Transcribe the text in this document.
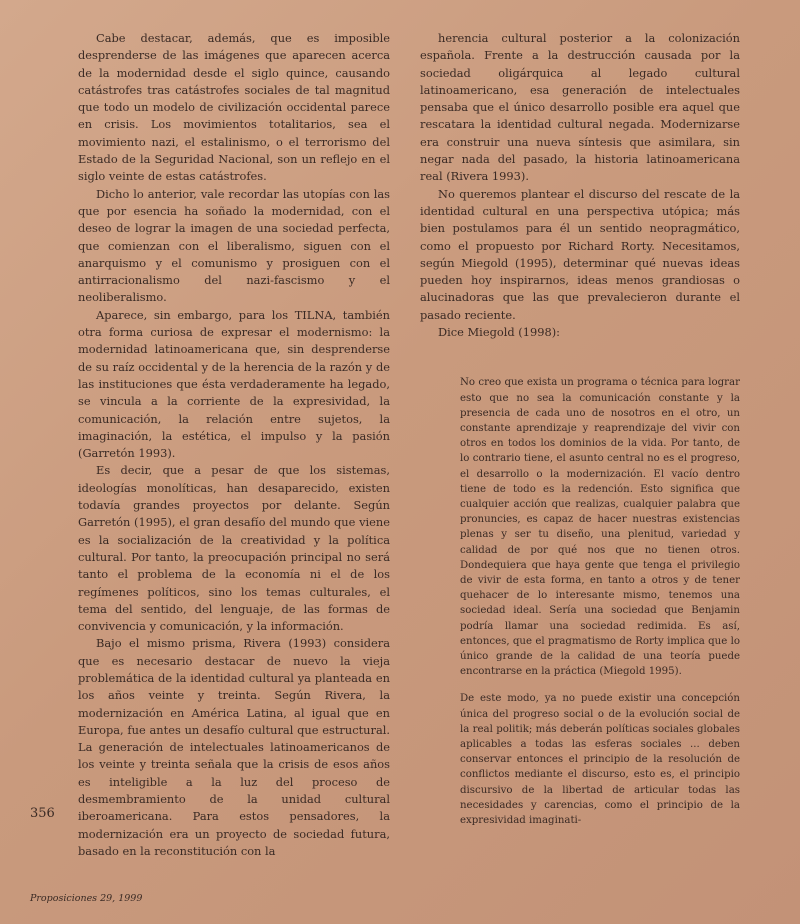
Cabe destacar, además, que es imposible desprenderse de las imágenes que aparecen acerca de la modernidad desde el siglo quince, causando catástrofes tras catástrofes sociales de tal magnitud que todo un modelo de civilización occidental parece en crisis. Los movimientos totalitarios, sea el movimiento nazi, el estalinismo, o el terrorismo del Estado de la Seguridad Nacional, son un reflejo en el siglo veinte de estas catástrofes.

Dicho lo anterior, vale recordar las utopías con las que por esencia ha soñado la modernidad, con el deseo de lograr la imagen de una sociedad perfecta, que comienzan con el liberalismo, siguen con el anarquismo y el comunismo y prosiguen con el antirracionalismo del nazi-fascismo y el neoliberalismo.

Aparece, sin embargo, para los TILNA, también otra forma curiosa de expresar el modernismo: la modernidad latinoamericana que, sin desprenderse de su raíz occidental y de la herencia de la razón y de las instituciones que ésta verdaderamente ha legado, se vincula a la corriente de la expresividad, la comunicación, la relación entre sujetos, la imaginación, la estética, el impulso y la pasión (Garretón 1993).

Es decir, que a pesar de que los sistemas, ideologías monolíticas, han desaparecido, existen todavía grandes proyectos por delante. Según Garretón (1995), el gran desafío del mundo que viene es la socialización de la creatividad y la política cultural. Por tanto, la preocupación principal no será tanto el problema de la economía ni el de los regímenes políticos, sino los temas culturales, el tema del sentido, del lenguaje, de las formas de convivencia y comunicación, y la información.

Bajo el mismo prisma, Rivera (1993) considera que es necesario destacar de nuevo la vieja problemática de la identidad cultural ya planteada en los años veinte y treinta. Según Rivera, la modernización en América Latina, al igual que en Europa, fue antes un desafío cultural que estructural. La generación de intelectuales latinoamericanos de los veinte y treinta señala que la crisis de esos años es inteligible a la luz del proceso de desmembramiento de la unidad cultural iberoamericana. Para estos pensadores, la modernización era un proyecto de sociedad futura, basado en la reconstitución con la

herencia cultural posterior a la colonización española. Frente a la destrucción causada por la sociedad oligárquica al legado cultural latinoamericano, esa generación de intelectuales pensaba que el único desarrollo posible era aquel que rescatara la identidad cultural negada. Modernizarse era construir una nueva síntesis que asimilara, sin negar nada del pasado, la historia latinoamericana real (Rivera 1993).

No queremos plantear el discurso del rescate de la identidad cultural en una perspectiva utópica; más bien postulamos para él un sentido neopragmático, como el propuesto por Richard Rorty. Necesitamos, según Miegold (1995), determinar qué nuevas ideas pueden hoy inspirarnos, ideas menos grandiosas o alucinadoras que las que prevalecieron durante el pasado reciente.

Dice Miegold (1998):

No creo que exista un programa o técnica para lograr esto que no sea la comunicación constante y la presencia de cada uno de nosotros en el otro, un constante aprendizaje y reaprendizaje del vivir con otros en todos los dominios de la vida. Por tanto, de lo contrario tiene, el asunto central no es el progreso, el desarrollo o la modernización. El vacío dentro tiene de todo es la redención. Esto significa que cualquier acción que realizas, cualquier palabra que pronuncies, es capaz de hacer nuestras existencias plenas y ser tu diseño, una plenitud, variedad y calidad de por qué nos que no tienen otros. Dondequiera que haya gente que tenga el privilegio de vivir de esta forma, en tanto a otros y de tener quehacer de lo interesante mismo, tenemos una sociedad ideal. Sería una sociedad que Benjamin podría llamar una sociedad redimida. Es así, entonces, que el pragmatismo de Rorty implica que lo único grande de la calidad de una teoría puede encontrarse en la práctica (Miegold 1995).

De este modo, ya no puede existir una concepción única del progreso social o de la evolución social de la real politik; más deberán políticas sociales globales aplicables a todas las esferas sociales ... deben conservar entonces el principio de la resolución de conflictos mediante el discurso, esto es, el principio discursivo de la libertad de articular todas las necesidades y carencias, como el principio de la expresividad imaginati-

356
Proposiciones 29, 1999
